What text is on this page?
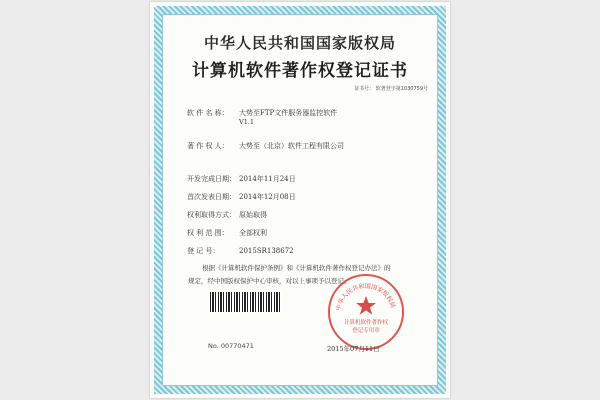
中华人民共和国国家版权局
计算机软件著作权登记证书
证书号： 软著登字第1030759号
软 件 名 称： 大势至FTP文件服务器监控软件
V1.1
著 作 权 人： 大势至（北京）软件工程有限公司
开发完成日期： 2014年11月24日
首次发表日期： 2014年12月08日
权利取得方式： 原始取得
权 利 范 围： 全部权利
登 记 号：	2015SR138672
根据《计算机软件保护条例》和《计算机软件著作权登记办法》的
规定，经中国版权保护中心审核，对以上事项予以登记。
No. 00770471
中华人民共和国国家版权局
计算机软件著作权
登记专用章
2015年07月11日
